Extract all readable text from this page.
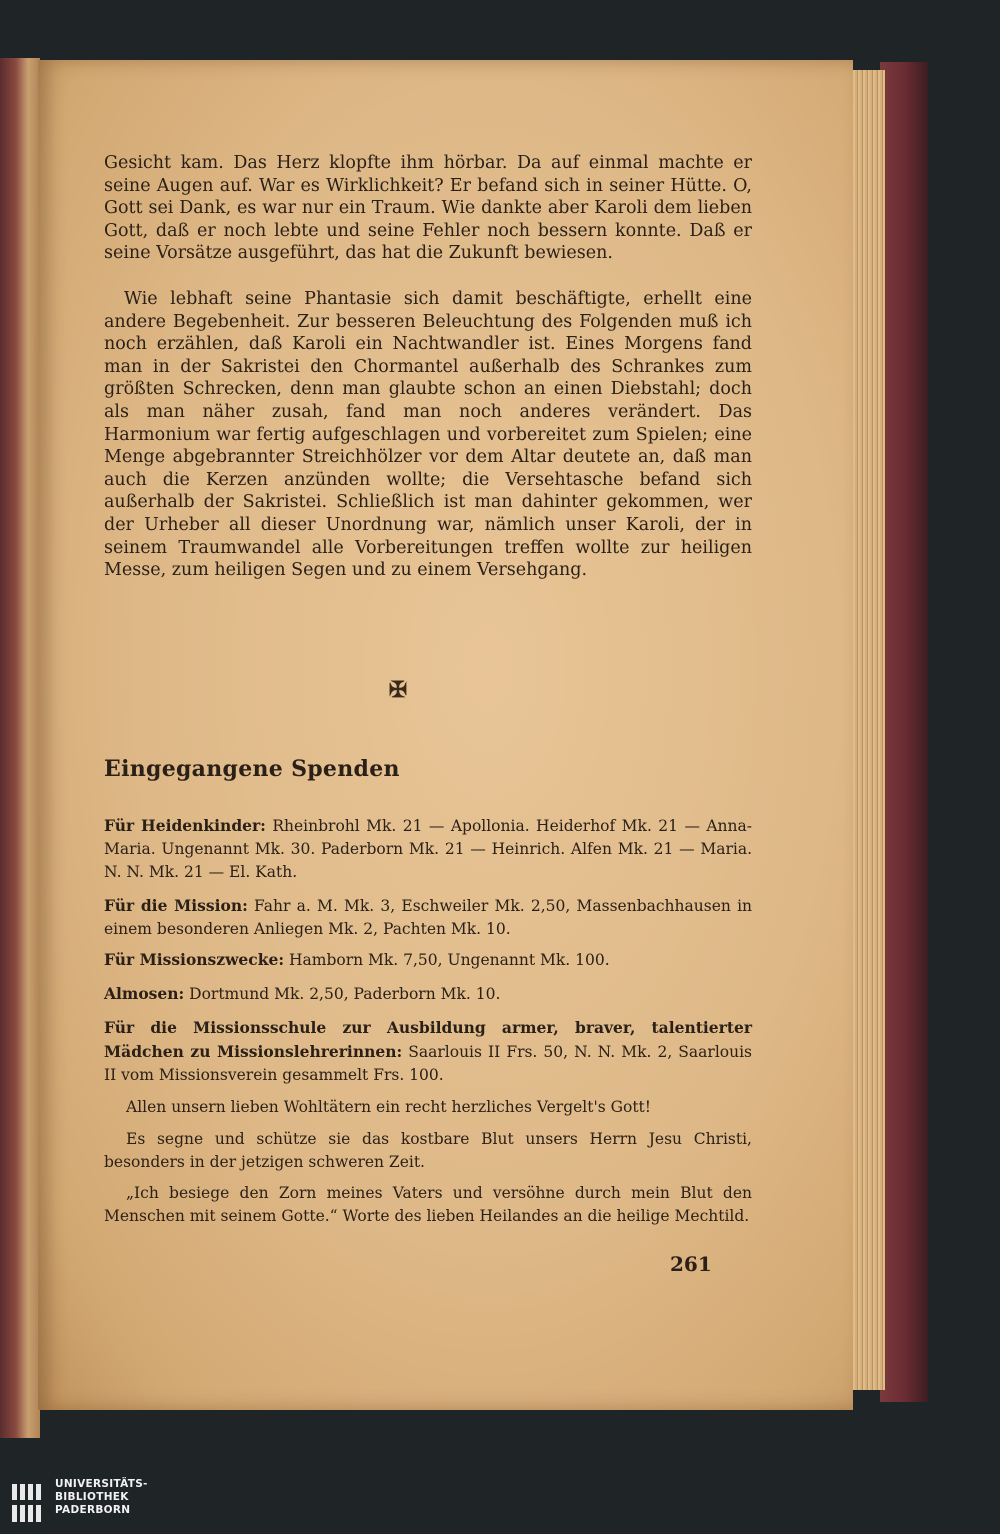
Gesicht kam. Das Herz klopfte ihm hörbar. Da auf einmal machte er seine Augen auf. War es Wirklichkeit? Er befand sich in seiner Hütte. O, Gott sei Dank, es war nur ein Traum. Wie dankte aber Karoli dem lieben Gott, daß er noch lebte und seine Fehler noch bessern konnte. Daß er seine Vorsätze ausgeführt, das hat die Zukunft bewiesen.

Wie lebhaft seine Phantasie sich damit beschäftigte, erhellt eine andere Begebenheit. Zur besseren Beleuchtung des Folgenden muß ich noch erzählen, daß Karoli ein Nachtwandler ist. Eines Morgens fand man in der Sakristei den Chormantel außerhalb des Schrankes zum größten Schrecken, denn man glaubte schon an einen Diebstahl; doch als man näher zusah, fand man noch anderes verändert. Das Harmonium war fertig aufgeschlagen und vorbereitet zum Spielen; eine Menge abgebrannter Streichhölzer vor dem Altar deutete an, daß man auch die Kerzen anzünden wollte; die Versehtasche befand sich außerhalb der Sakristei. Schließlich ist man dahinter gekommen, wer der Urheber all dieser Unordnung war, nämlich unser Karoli, der in seinem Traumwandel alle Vorbereitungen treffen wollte zur heiligen Messe, zum heiligen Segen und zu einem Versehgang.

✠
Eingegangene Spenden

Für Heidenkinder: Rheinbrohl Mk. 21 — Apollonia. Heiderhof Mk. 21 — Anna-Maria. Ungenannt Mk. 30. Paderborn Mk. 21 — Heinrich. Alfen Mk. 21 — Maria. N. N. Mk. 21 — El. Kath.

Für die Mission: Fahr a. M. Mk. 3, Eschweiler Mk. 2,50, Massenbachhausen in einem besonderen Anliegen Mk. 2, Pachten Mk. 10.

Für Missionszwecke: Hamborn Mk. 7,50, Ungenannt Mk. 100.

Almosen: Dortmund Mk. 2,50, Paderborn Mk. 10.

Für die Missionsschule zur Ausbildung armer, braver, talentierter Mädchen zu Missionslehrerinnen: Saarlouis II Frs. 50, N. N. Mk. 2, Saarlouis II vom Missionsverein gesammelt Frs. 100.

Allen unsern lieben Wohltätern ein recht herzliches Vergelt's Gott!

Es segne und schütze sie das kostbare Blut unsers Herrn Jesu Christi, besonders in der jetzigen schweren Zeit.

„Ich besiege den Zorn meines Vaters und versöhne durch mein Blut den Menschen mit seinem Gotte.“ Worte des lieben Heilandes an die heilige Mechtild.

261
UNIVERSITÄTS-
BIBLIOTHEK
PADERBORN
